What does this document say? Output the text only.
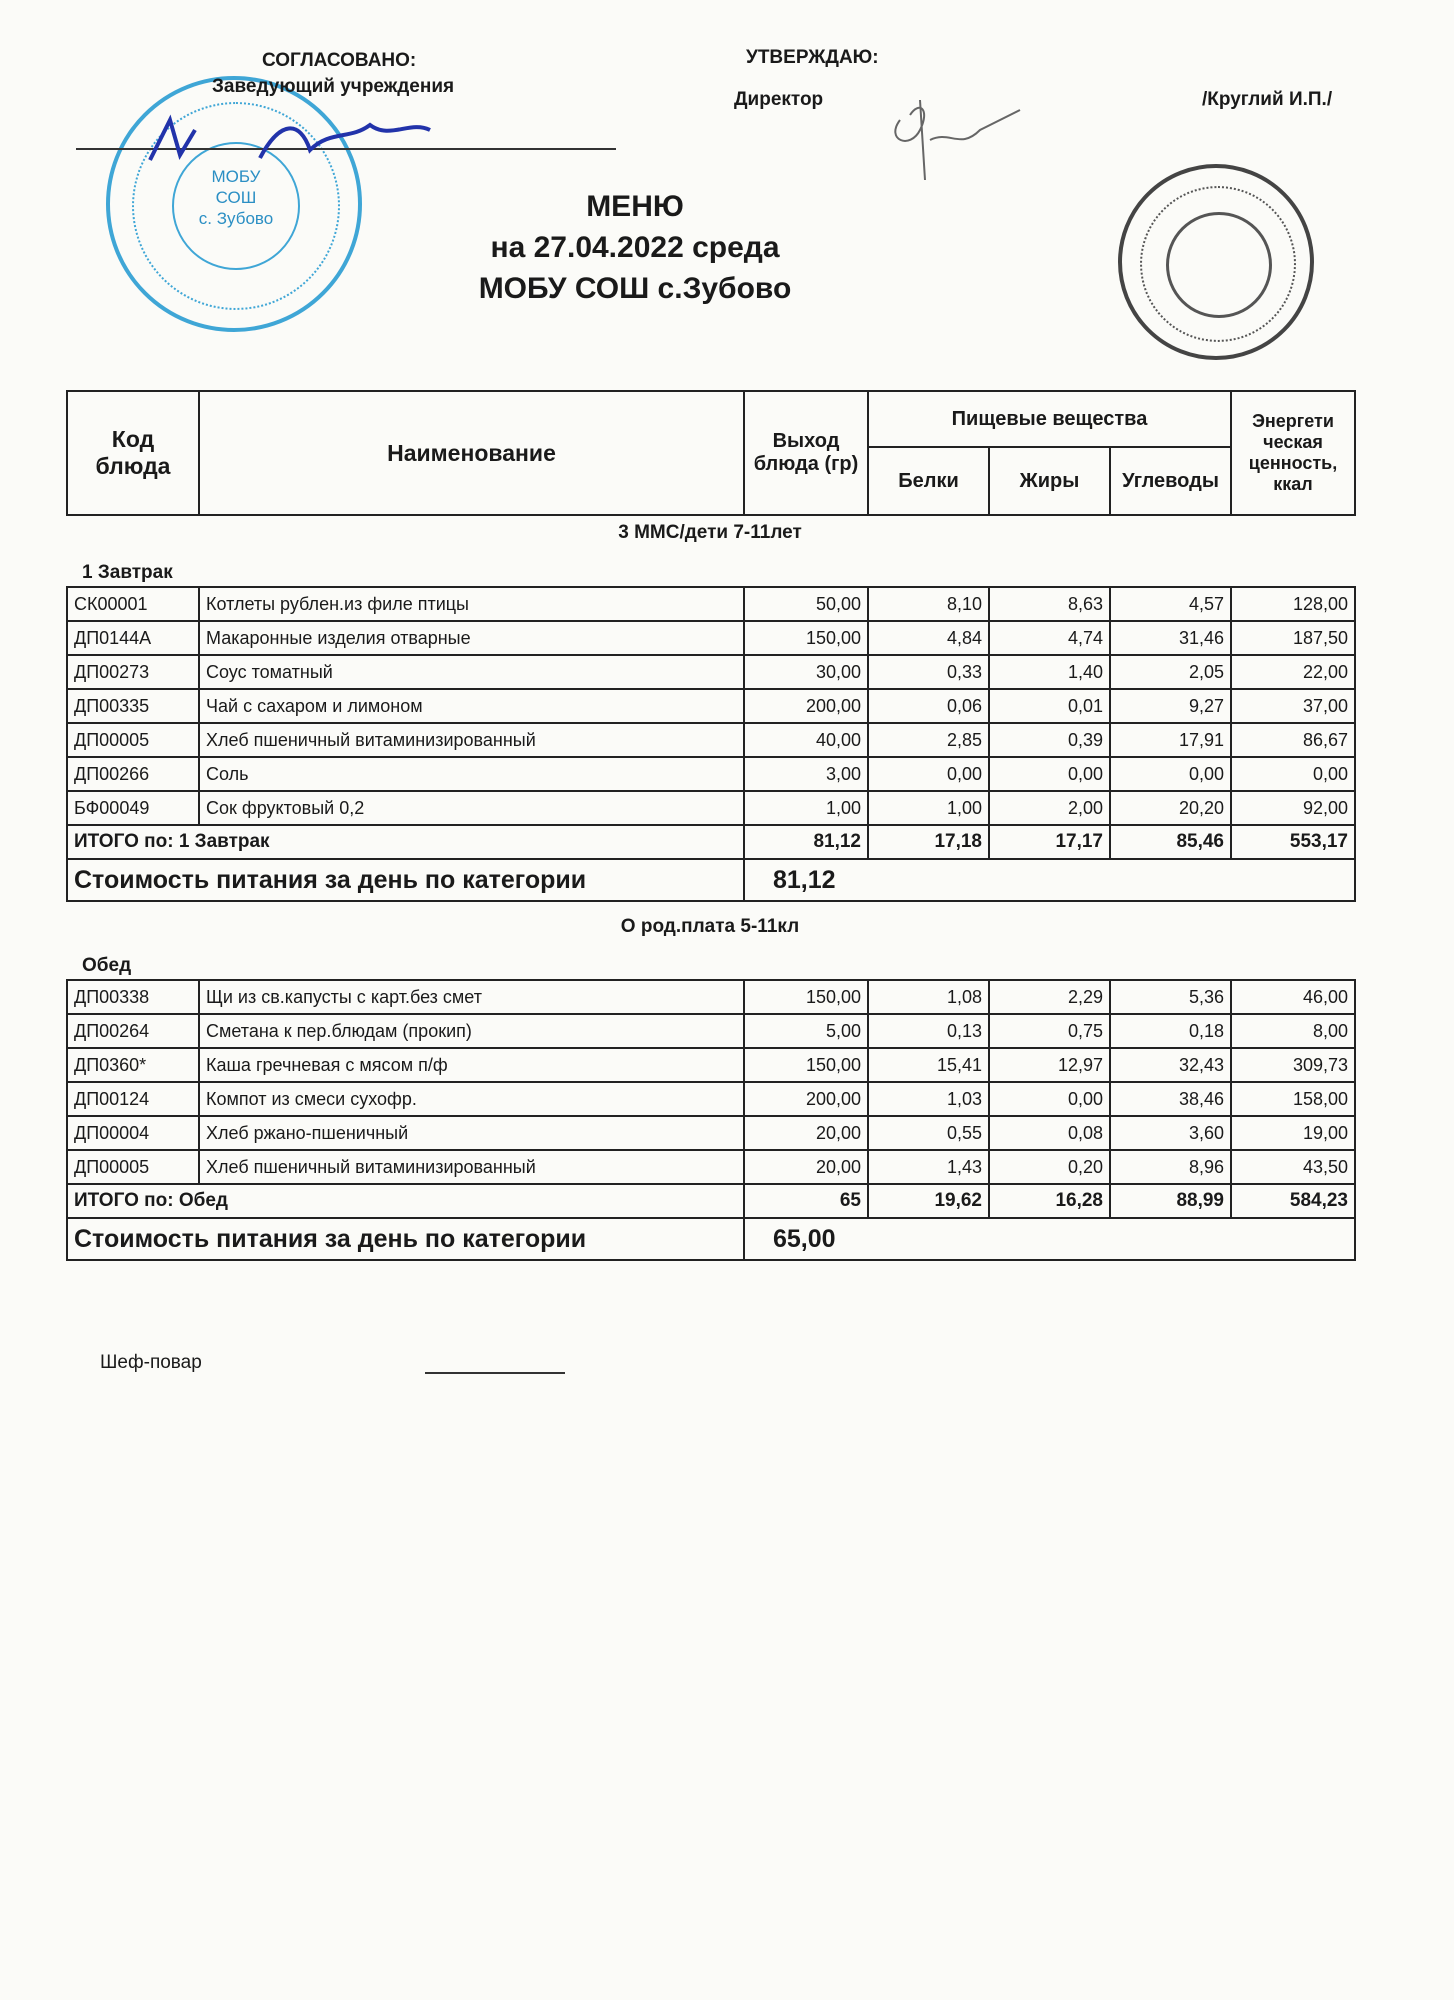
МОБУ
СОШ
с. Зубово
СОГЛАСОВАНО:
Заведующий учреждения
УТВЕРЖДАЮ:
Директор	/Круглий И.П./
МЕНЮ
на 27.04.2022 среда
МОБУ СОШ с.Зубово
Код блюда	Наименование	Выход блюда (гр)	Пищевые вещества			Энергети ческая ценность, ккал
			Белки	Жиры	Углеводы	
3 ММС/дети 7-11лет
1 Завтрак
СК00001	Котлеты рублен.из филе птицы	50,00	8,10	8,63	4,57	128,00
ДП0144А	Макаронные изделия отварные	150,00	4,84	4,74	31,46	187,50
ДП00273	Соус томатный	30,00	0,33	1,40	2,05	22,00
ДП00335	Чай с сахаром и лимоном	200,00	0,06	0,01	9,27	37,00
ДП00005	Хлеб пшеничный витаминизированный	40,00	2,85	0,39	17,91	86,67
ДП00266	Соль	3,00	0,00	0,00	0,00	0,00
БФ00049	Сок фруктовый 0,2	1,00	1,00	2,00	20,20	92,00
ИТОГО по: 1 Завтрак		81,12	17,18	17,17	85,46	553,17
Стоимость питания за день по категории		81,12				
О род.плата 5-11кл
Обед
ДП00338	Щи из св.капусты с карт.без смет	150,00	1,08	2,29	5,36	46,00
ДП00264	Сметана к пер.блюдам (прокип)	5,00	0,13	0,75	0,18	8,00
ДП0360*	Каша гречневая с мясом п/ф	150,00	15,41	12,97	32,43	309,73
ДП00124	Компот из смеси сухофр.	200,00	1,03	0,00	38,46	158,00
ДП00004	Хлеб ржано-пшеничный	20,00	0,55	0,08	3,60	19,00
ДП00005	Хлеб пшеничный витаминизированный	20,00	1,43	0,20	8,96	43,50
ИТОГО по: Обед		65	19,62	16,28	88,99	584,23
Стоимость питания за день по категории		65,00				
Шеф-повар
